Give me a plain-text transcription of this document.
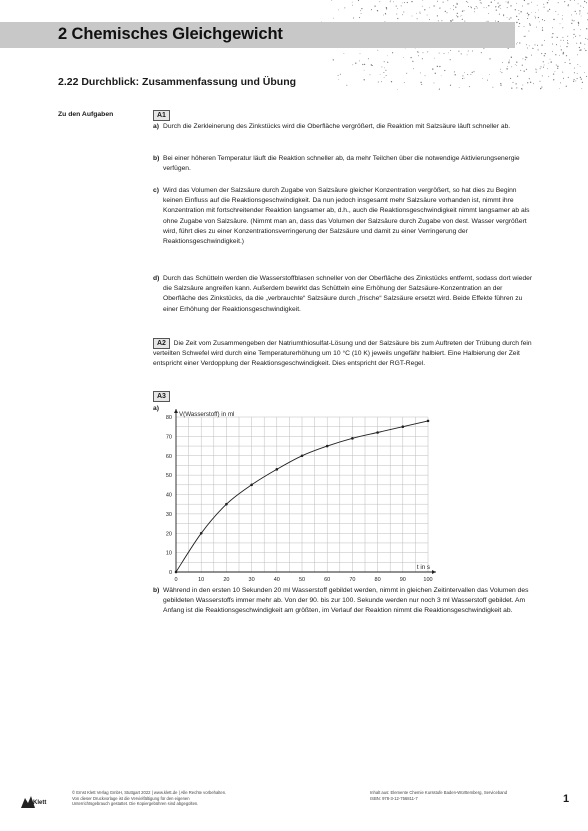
2 Chemisches Gleichgewicht
2.22 Durchblick: Zusammenfassung und Übung
Zu den Aufgaben	A1

a) Durch die Zerkleinerung des Zinkstücks wird die Oberfläche vergrößert, die Reaktion mit Salzsäure läuft schneller ab.

b) Bei einer höheren Temperatur läuft die Reaktion schneller ab, da mehr Teilchen über die notwendige Aktivierungsenergie verfügen.

c) Wird das Volumen der Salzsäure durch Zugabe von Salzsäure gleicher Konzentration vergrößert, so hat dies zu Beginn keinen Einfluss auf die Reaktionsgeschwindigkeit. Da nun jedoch insgesamt mehr Salzsäure vorhanden ist, nimmt ihre Konzentration mit fortschreitender Reaktion langsamer ab, d.h., auch die Reaktionsgeschwindigkeit nimmt langsamer ab als ohne Zugabe von Salzsäure. (Nimmt man an, dass das Volumen der Salzsäure durch Zugabe von dest. Wasser vergrößert wird, führt dies zu einer Konzentrationsverringerung der Salzsäure und damit zu einer Verringerung der Reaktionsgeschwindigkeit.)

d) Durch das Schütteln werden die Wasserstoffblasen schneller von der Oberfläche des Zinkstücks entfernt, sodass dort wieder die Salzsäure angreifen kann. Außerdem bewirkt das Schütteln eine Erhöhung der Salzsäure-Konzentration an der Oberfläche des Zinkstücks, da die „verbrauchte“ Salzsäure durch „frische“ Salzsäure ersetzt wird. Beide Effekte führen zu einer Erhöhung der Reaktionsgeschwindigkeit.

A2 Die Zeit vom Zusammengeben der Natriumthiosulfat-Lösung und der Salzsäure bis zum Auftreten der Trübung durch fein verteilten Schwefel wird durch eine Temperaturerhöhung um 10 °C (10 K) jeweils ungefähr halbiert. Eine Halbierung der Zeit entspricht einer Verdopplung der Reaktionsgeschwindigkeit. Dies entspricht der RGT-Regel.

A3
a)
0	10	20	30	40	50	60	70	80	90	100
0
10
20
30
40
50
60
70
80 V(Wasserstoff) in ml
t in s

b) Während in den ersten 10 Sekunden 20 ml Wasserstoff gebildet werden, nimmt in gleichen Zeitintervallen das Volumen des gebildeten Wasserstoffs immer mehr ab. Von der 90. bis zur 100. Sekunde werden nur noch 3 ml Wasserstoff gebildet. Am Anfang ist die Reaktionsgeschwindigkeit am größten, im Verlauf der Reaktion nimmt die Reaktionsgeschwindigkeit ab.

Klett
© Ernst Klett Verlag GmbH, Stuttgart 2022 | www.klett.de | Alle Rechte vorbehalten.
Von dieser Druckvorlage ist die Vervielfältigung für den eigenen
Unterrichtsgebrauch gestattet. Die Kopiergebühren sind abgegolten.
Inhalt aus: Elemente Chemie Kursstufe Baden-Württemberg, Serviceband
ISBN: 978-3-12-756811-7	1
